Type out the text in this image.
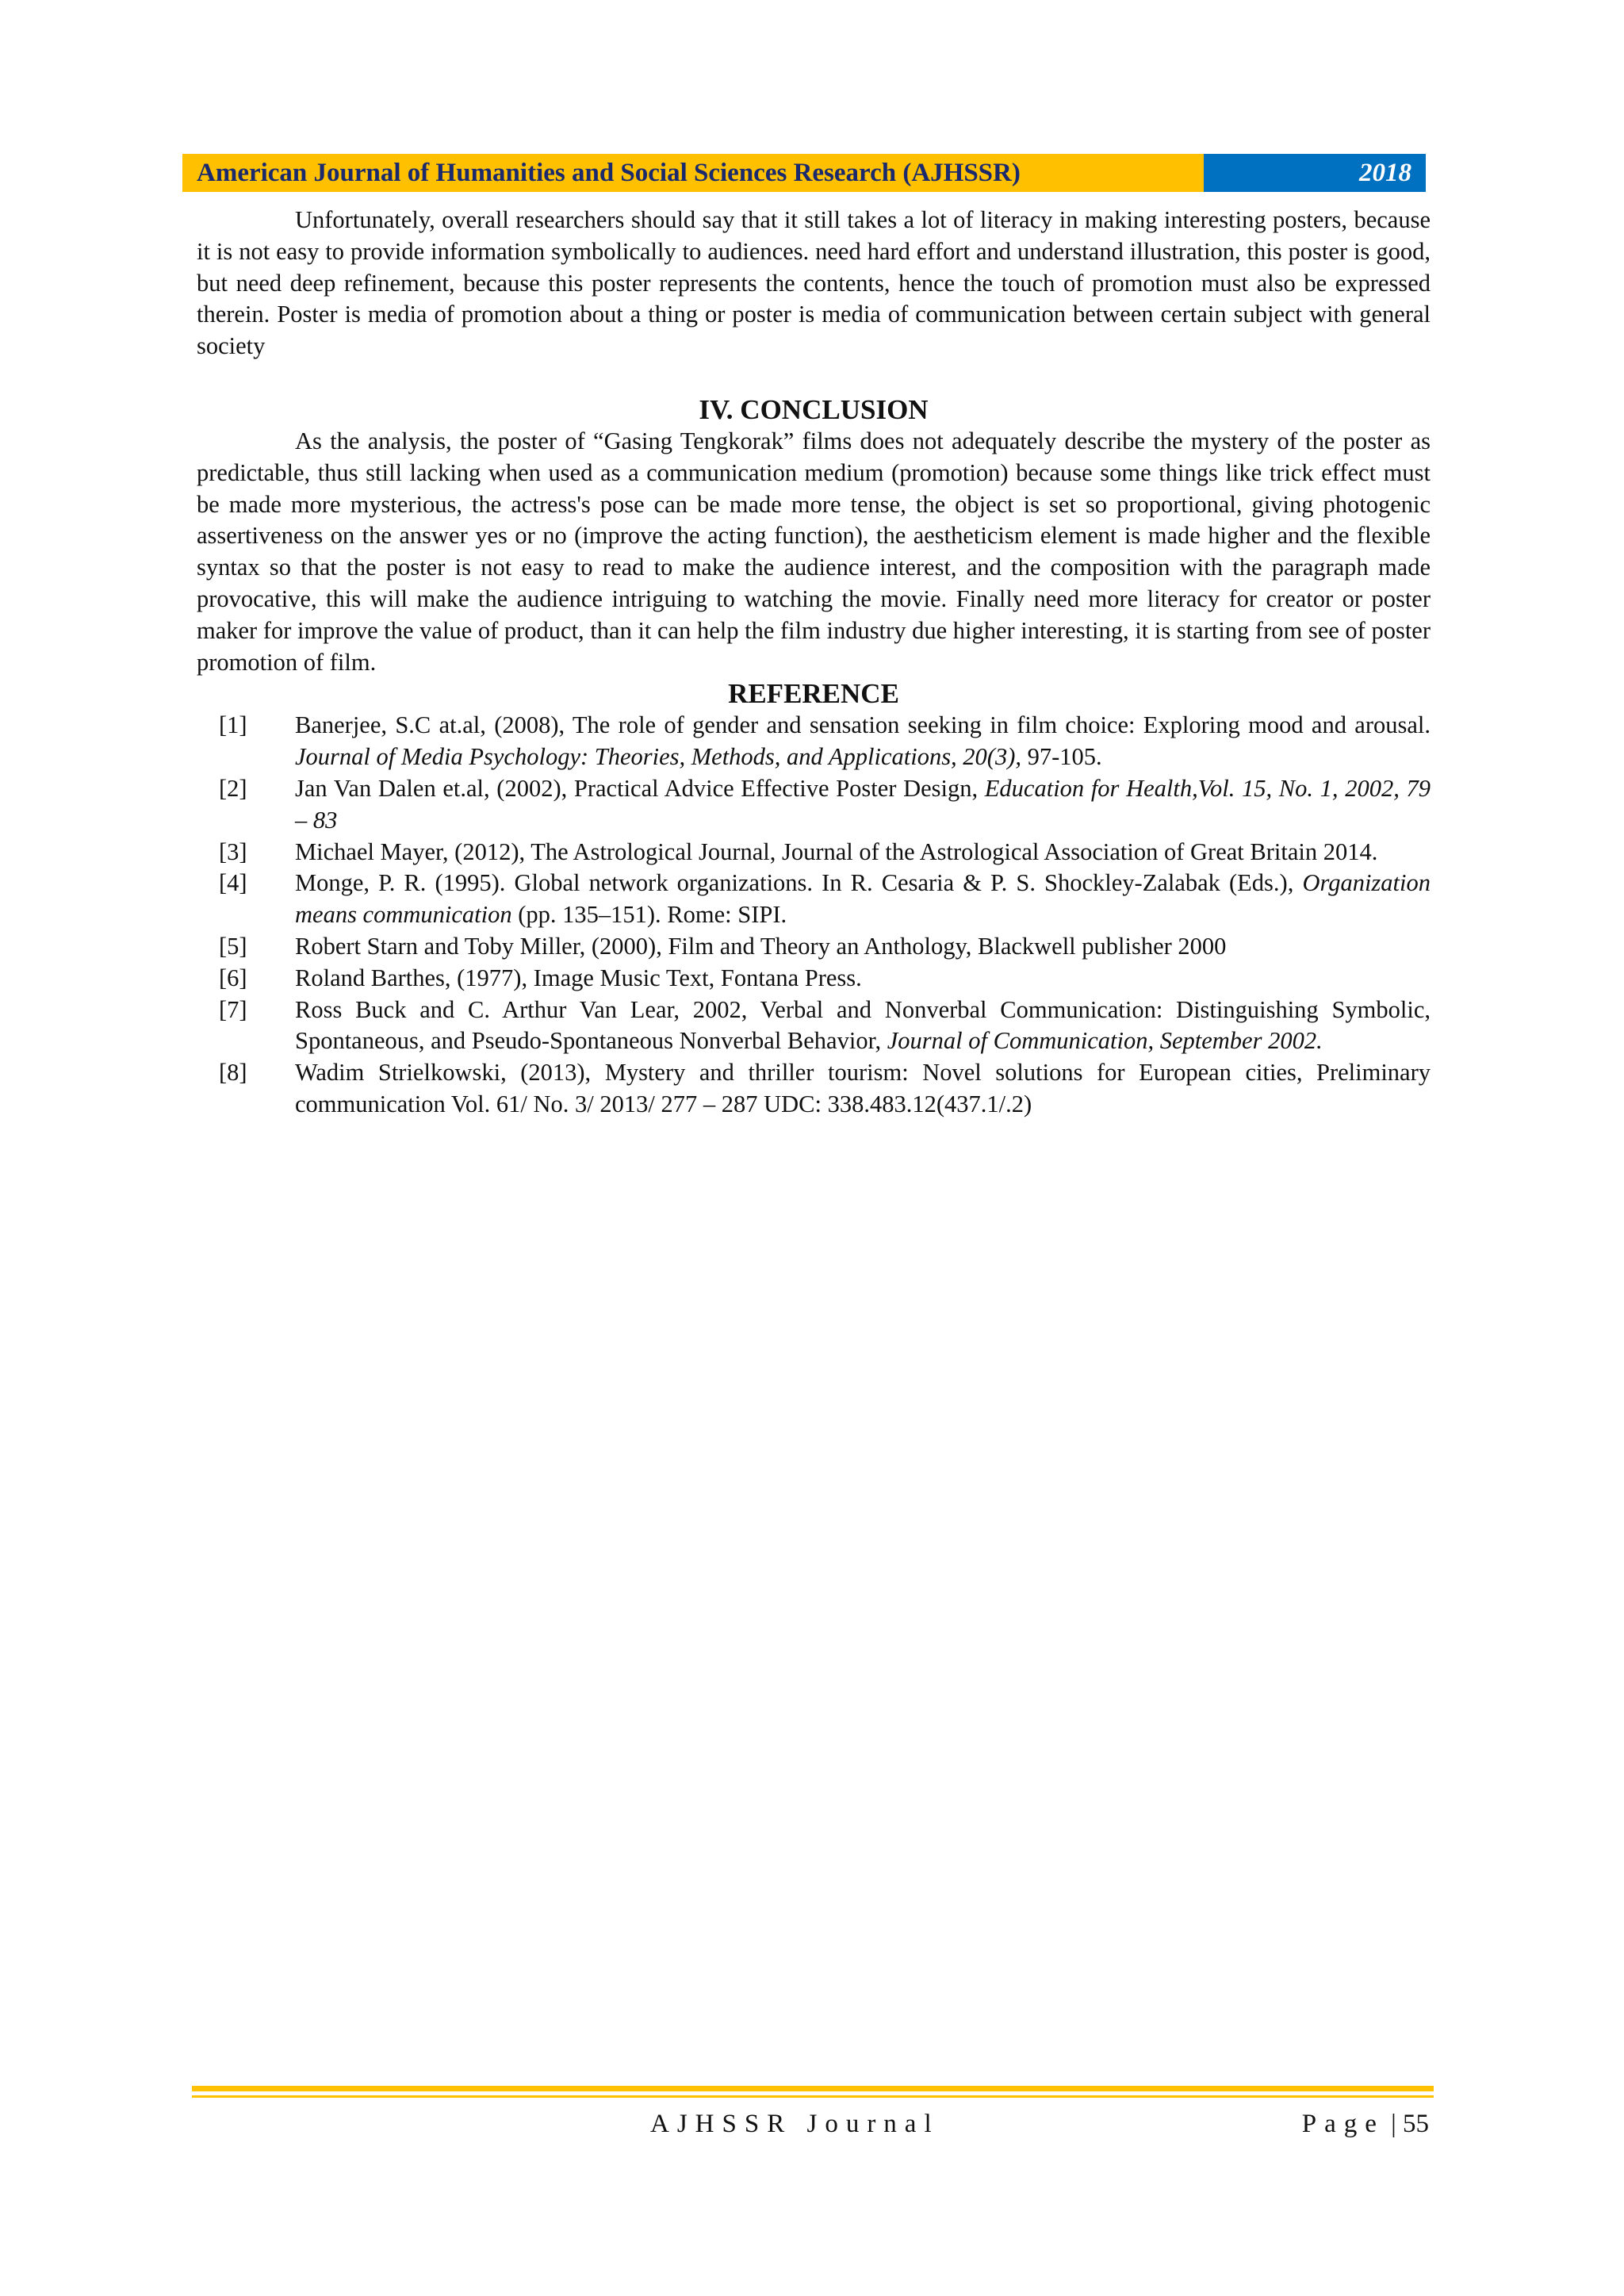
American Journal of Humanities and Social Sciences Research (AJHSSR)	2018

Unfortunately, overall researchers should say that it still takes a lot of literacy in making interesting posters, because it is not easy to provide information symbolically to audiences. need hard effort and understand illustration, this poster is good, but need deep refinement, because this poster represents the contents, hence the touch of promotion must also be expressed therein. Poster is media of promotion about a thing or poster is media of communication between certain subject with general society

IV. CONCLUSION

As the analysis, the poster of “Gasing Tengkorak” films does not adequately describe the mystery of the poster as predictable, thus still lacking when used as a communication medium (promotion) because some things like trick effect must be made more mysterious, the actress's pose can be made more tense, the object is set so proportional, giving photogenic assertiveness on the answer yes or no (improve the acting function), the aestheticism element is made higher and the flexible syntax so that the poster is not easy to read to make the audience interest, and the composition with the paragraph made provocative, this will make the audience intriguing to watching the movie. Finally need more literacy for creator or poster maker for improve the value of product, than it can help the film industry due higher interesting, it is starting from see of poster promotion of film.

REFERENCE
[1]	Banerjee, S.C at.al, (2008), The role of gender and sensation seeking in film choice: Exploring mood and arousal. Journal of Media Psychology: Theories, Methods, and Applications, 20(3), 97-105.
[2]	Jan Van Dalen et.al, (2002), Practical Advice Effective Poster Design, Education for Health,Vol. 15, No. 1, 2002, 79 – 83
[3]	Michael Mayer, (2012), The Astrological Journal, Journal of the Astrological Association of Great Britain 2014.
[4]	Monge, P. R. (1995). Global network organizations. In R. Cesaria & P. S. Shockley-Zalabak (Eds.), Organization means communication (pp. 135–151). Rome: SIPI.
[5]	Robert Starn and Toby Miller, (2000), Film and Theory an Anthology, Blackwell publisher 2000
[6]	Roland Barthes, (1977), Image Music Text, Fontana Press.
[7]	Ross Buck and C. Arthur Van Lear, 2002, Verbal and Nonverbal Communication: Distinguishing Symbolic, Spontaneous, and Pseudo-Spontaneous Nonverbal Behavior, Journal of Communication, September 2002.
[8]	Wadim Strielkowski, (2013), Mystery and thriller tourism: Novel solutions for European cities, Preliminary communication Vol. 61/ No. 3/ 2013/ 277 – 287 UDC: 338.483.12(437.1/.2)
AJHSSR Journal	Page | 55
